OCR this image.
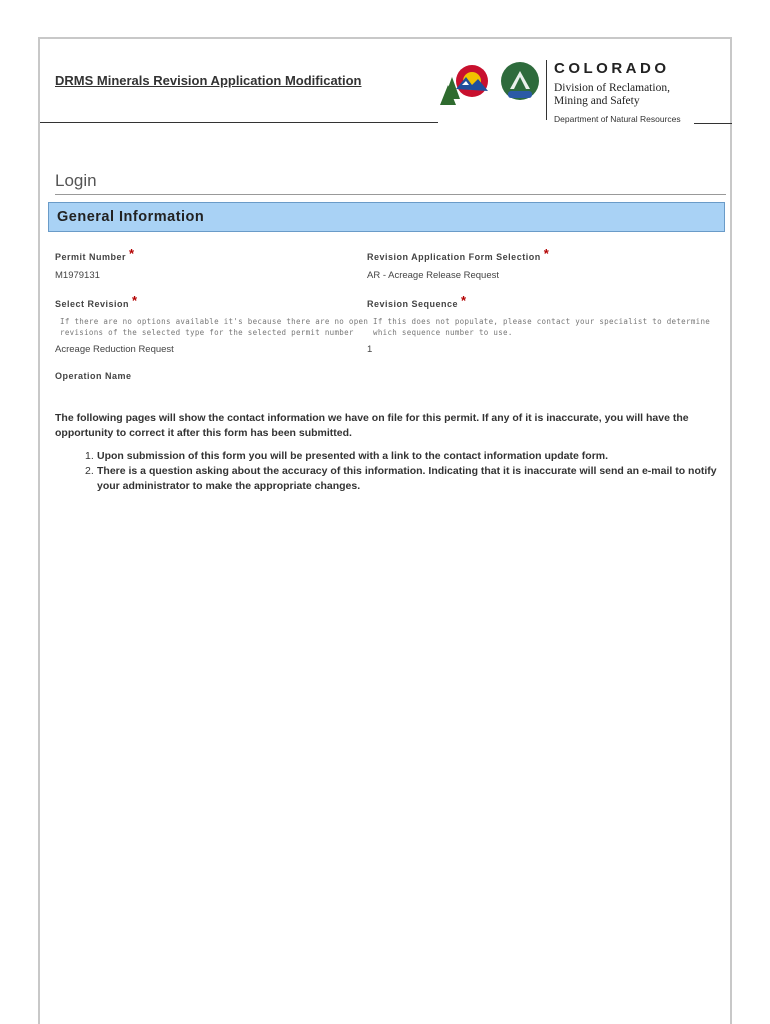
DRMS Minerals Revision Application Modification
COLORADO
Division of Reclamation,
Mining and Safety
Department of Natural Resources
Login
General Information
Permit Number *
M1979131
Revision Application Form Selection *
AR - Acreage Release Request
Select Revision *
If there are no options available it's because there are no open
revisions of the selected type for the selected permit number
Acreage Reduction Request
Revision Sequence *
If this does not populate, please contact your specialist to determine
which sequence number to use.
1
Operation Name
The following pages will show the contact information we have on file for this permit. If any of it is inaccurate, you will have the opportunity to correct it after this form has been submitted.
1. Upon submission of this form you will be presented with a link to the contact information update form.
2. There is a question asking about the accuracy of this information. Indicating that it is inaccurate will send an e-mail to notify your administrator to make the appropriate changes.
